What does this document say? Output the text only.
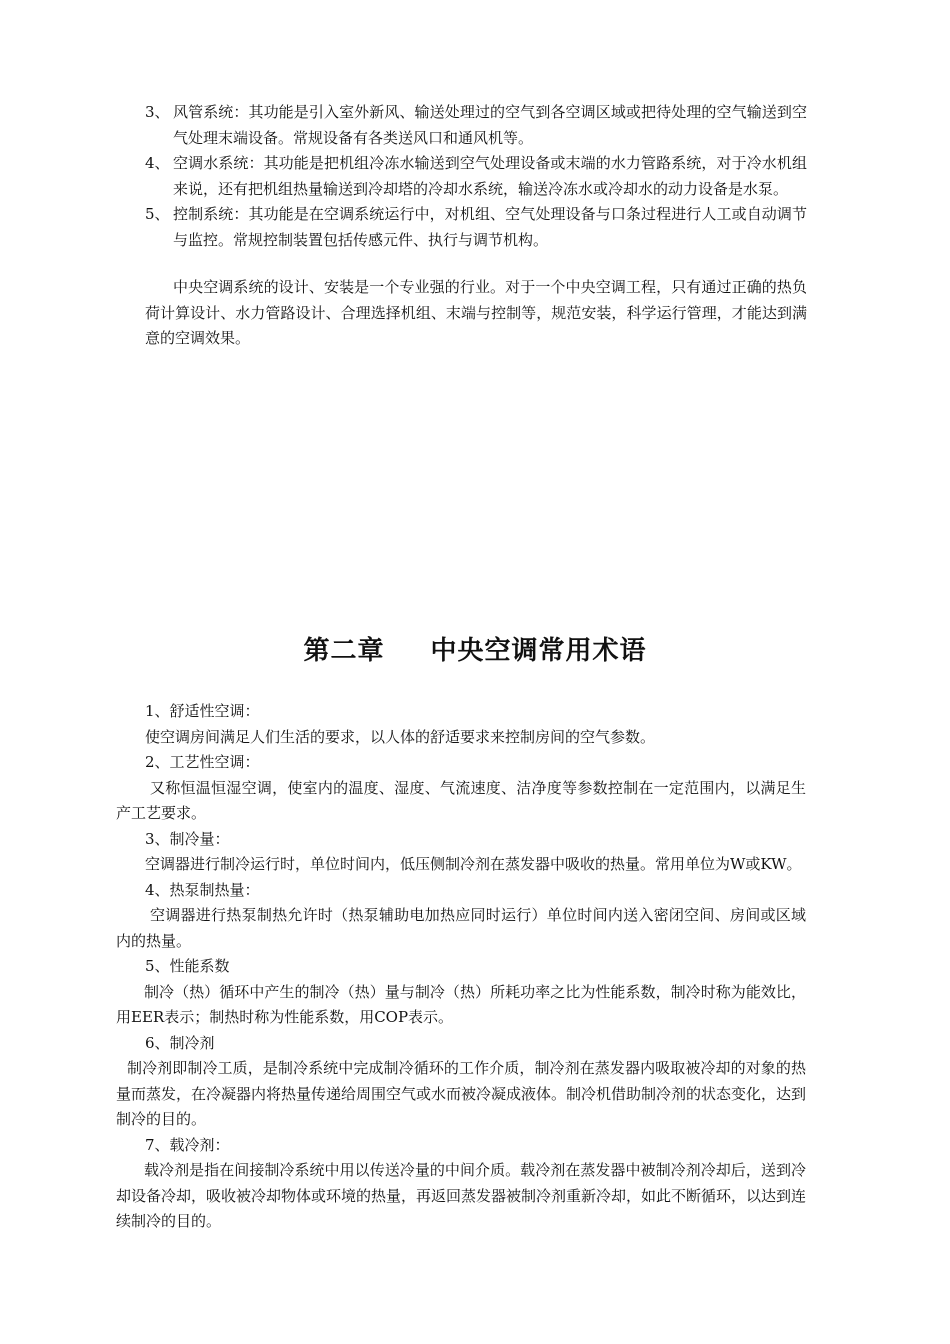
3、 风管系统：其功能是引入室外新风、输送处理过的空气到各空调区域或把待处理的空气输送到空气处理末端设备。常规设备有各类送风口和通风机等。
4、 空调水系统：其功能是把机组冷冻水输送到空气处理设备或末端的水力管路系统，对于冷水机组来说，还有把机组热量输送到冷却塔的冷却水系统，输送冷冻水或冷却水的动力设备是水泵。
5、 控制系统：其功能是在空调系统运行中，对机组、空气处理设备与口条过程进行人工或自动调节与监控。常规控制装置包括传感元件、执行与调节机构。
中央空调系统的设计、安装是一个专业强的行业。对于一个中央空调工程，只有通过正确的热负荷计算设计、水力管路设计、合理选择机组、末端与控制等，规范安装，科学运行管理，才能达到满意的空调效果。
第二章 中央空调常用术语

1、舒适性空调：

使空调房间满足人们生活的要求，以人体的舒适要求来控制房间的空气参数。

2、工艺性空调：

又称恒温恒湿空调，使室内的温度、湿度、气流速度、洁净度等参数控制在一定范围内，以满足生产工艺要求。

3、制冷量：

空调器进行制冷运行时，单位时间内，低压侧制冷剂在蒸发器中吸收的热量。常用单位为W或KW。

4、热泵制热量：

空调器进行热泵制热允许时（热泵辅助电加热应同时运行）单位时间内送入密闭空间、房间或区域内的热量。

5、性能系数

制冷（热）循环中产生的制冷（热）量与制冷（热）所耗功率之比为性能系数，制冷时称为能效比，用EER表示；制热时称为性能系数，用COP表示。

6、制冷剂

制冷剂即制冷工质，是制冷系统中完成制冷循环的工作介质，制冷剂在蒸发器内吸取被冷却的对象的热量而蒸发，在冷凝器内将热量传递给周围空气或水而被冷凝成液体。制冷机借助制冷剂的状态变化，达到制冷的目的。

7、载冷剂：

载冷剂是指在间接制冷系统中用以传送冷量的中间介质。载冷剂在蒸发器中被制冷剂冷却后，送到冷却设备冷却，吸收被冷却物体或环境的热量，再返回蒸发器被制冷剂重新冷却，如此不断循环，以达到连续制冷的目的。
